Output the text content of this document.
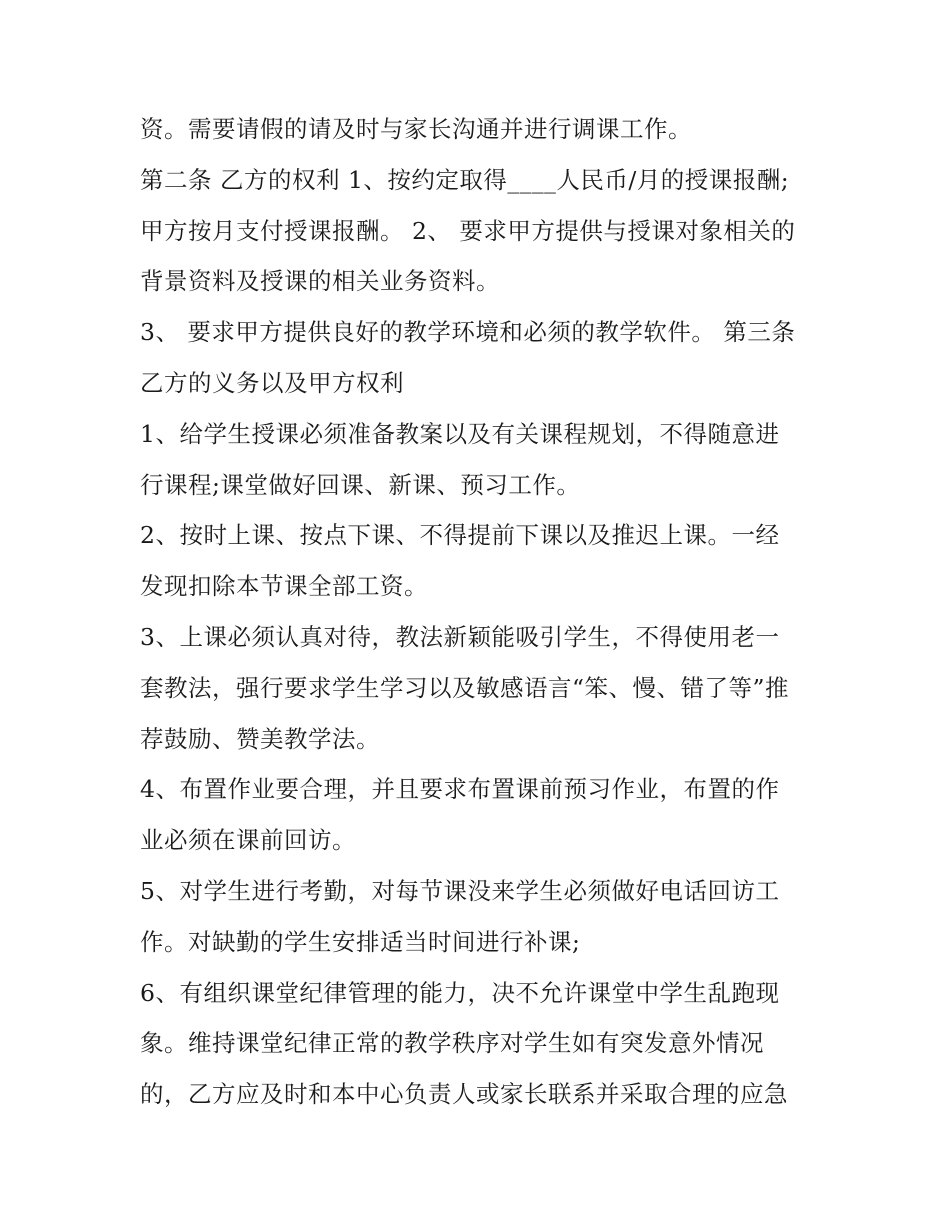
资。需要请假的请及时与家长沟通并进行调课工作。
第二条 乙方的权利 1、按约定取得____人民币/月的授课报酬;
甲方按月支付授课报酬。 2、 要求甲方提供与授课对象相关的
背景资料及授课的相关业务资料。
3、 要求甲方提供良好的教学环境和必须的教学软件。 第三条
乙方的义务以及甲方权利
1、给学生授课必须准备教案以及有关课程规划，不得随意进
行课程;课堂做好回课、新课、预习工作。
2、按时上课、按点下课、不得提前下课以及推迟上课。一经
发现扣除本节课全部工资。
3、上课必须认真对待，教法新颖能吸引学生，不得使用老一
套教法，强行要求学生学习以及敏感语言“笨、慢、错了等”推
荐鼓励、赞美教学法。
4、布置作业要合理，并且要求布置课前预习作业，布置的作
业必须在课前回访。
5、对学生进行考勤，对每节课没来学生必须做好电话回访工
作。对缺勤的学生安排适当时间进行补课;
6、有组织课堂纪律管理的能力，决不允许课堂中学生乱跑现
象。维持课堂纪律正常的教学秩序对学生如有突发意外情况
的，乙方应及时和本中心负责人或家长联系并采取合理的应急
